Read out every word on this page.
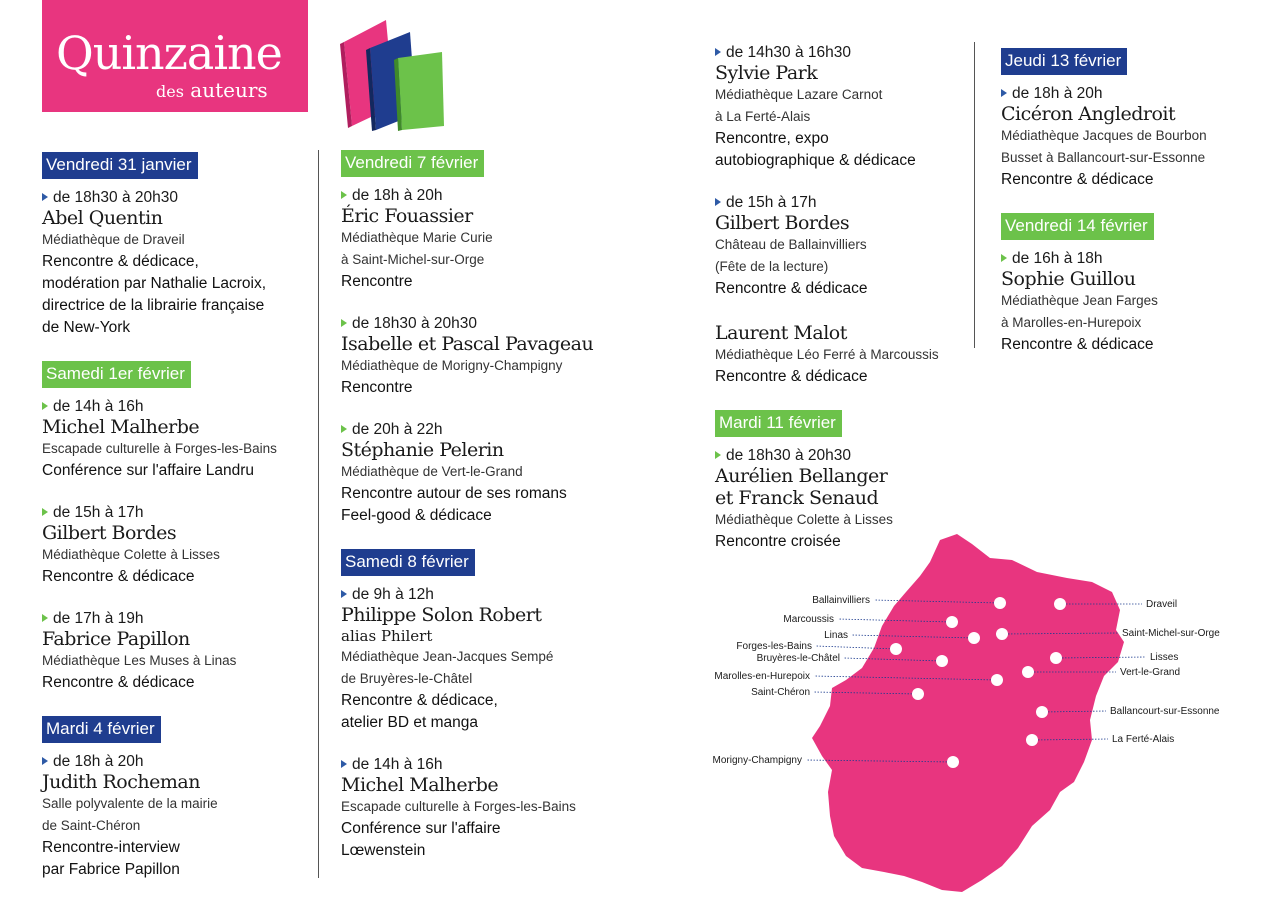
Quinzaine
des auteurs
Vendredi 31 janvier

de 18h30 à 20h30
Abel Quentin
Médiathèque de Draveil
Rencontre & dédicace,
modération par Nathalie Lacroix,
directrice de la librairie française
de New-York
Samedi 1er février

de 14h à 16h
Michel Malherbe
Escapade culturelle à Forges-les-Bains
Conférence sur l'affaire Landru
de 15h à 17h
Gilbert Bordes
Médiathèque Colette à Lisses
Rencontre & dédicace
de 17h à 19h
Fabrice Papillon
Médiathèque Les Muses à Linas
Rencontre & dédicace
Mardi 4 février

de 18h à 20h
Judith Rocheman
Salle polyvalente de la mairie
de Saint-Chéron
Rencontre-interview
par Fabrice Papillon
Vendredi 7 février

de 18h à 20h
Éric Fouassier
Médiathèque Marie Curie
à Saint-Michel-sur-Orge
Rencontre
de 18h30 à 20h30
Isabelle et Pascal Pavageau
Médiathèque de Morigny-Champigny
Rencontre
de 20h à 22h
Stéphanie Pelerin
Médiathèque de Vert-le-Grand
Rencontre autour de ses romans
Feel-good & dédicace
Samedi 8 février

de 9h à 12h
Philippe Solon Robert
alias Philert
Médiathèque Jean-Jacques Sempé
de Bruyères-le-Châtel
Rencontre & dédicace,
atelier BD et manga
de 14h à 16h
Michel Malherbe
Escapade culturelle à Forges-les-Bains
Conférence sur l'affaire
Lœwenstein
de 14h30 à 16h30
Sylvie Park
Médiathèque Lazare Carnot
à La Ferté-Alais
Rencontre, expo
autobiographique & dédicace
de 15h à 17h
Gilbert Bordes
Château de Ballainvilliers
(Fête de la lecture)
Rencontre & dédicace
Laurent Malot
Médiathèque Léo Ferré à Marcoussis
Rencontre & dédicace
Mardi 11 février

de 18h30 à 20h30
Aurélien Bellanger
et Franck Senaud
Médiathèque Colette à Lisses
Rencontre croisée
Jeudi 13 février

de 18h à 20h
Cicéron Angledroit
Médiathèque Jacques de Bourbon
Busset à Ballancourt-sur-Essonne
Rencontre & dédicace
Vendredi 14 février

de 16h à 18h
Sophie Guillou
Médiathèque Jean Farges
à Marolles-en-Hurepoix
Rencontre & dédicace
Ballainvilliers
Marcoussis
Linas
Forges-les-Bains
Bruyères-le-Châtel
Marolles-en-Hurepoix
Saint-Chéron
Morigny-Champigny
Draveil
Saint-Michel-sur-Orge
Lisses
Vert-le-Grand
Ballancourt-sur-Essonne
La Ferté-Alais
